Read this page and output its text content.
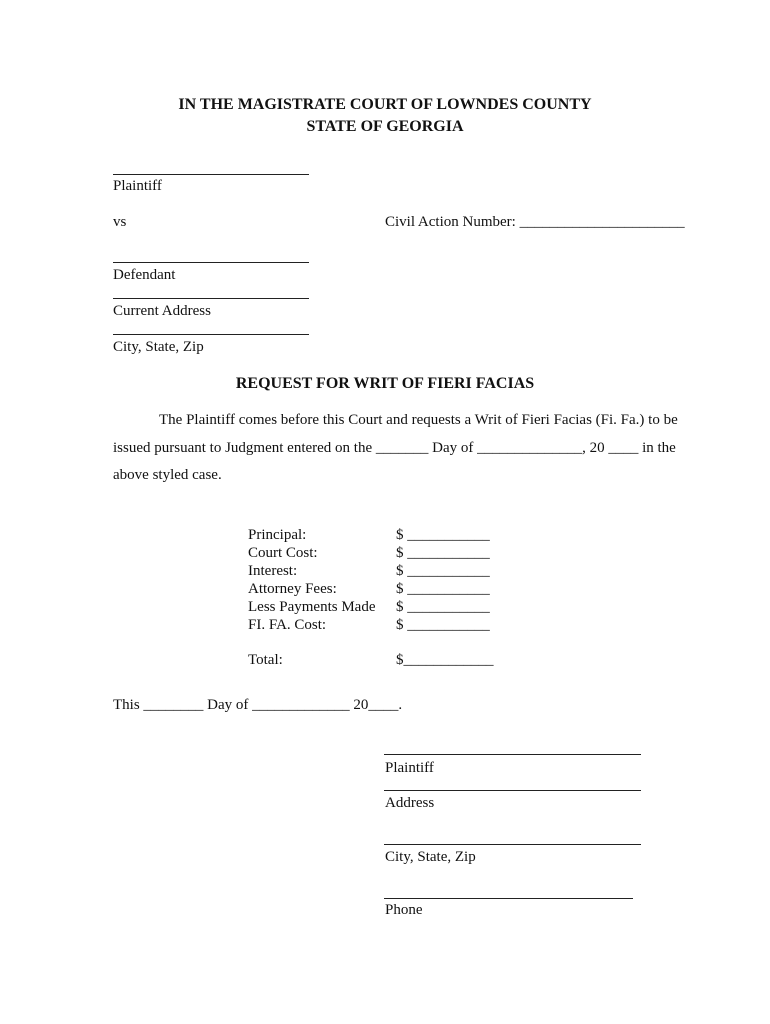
IN THE MAGISTRATE COURT OF LOWNDES COUNTY
STATE OF GEORGIA
Plaintiff
vs	Civil Action Number: ______________________
Defendant
Current Address
City, State, Zip
REQUEST FOR WRIT OF FIERI FACIAS
The Plaintiff comes before this Court and requests a Writ of Fieri Facias (Fi. Fa.) to be
issued pursuant to Judgment entered on the _______ Day of ______________, 20 ____ in the
above styled case.
Principal:
Court Cost:
Interest:
Attorney Fees:
Less Payments Made
FI. FA. Cost:
$ ___________
$ ___________
$ ___________
$ ___________
$ ___________
$ ___________
Total:	$____________
This ________ Day of _____________ 20____.
Plaintiff
Address
City, State, Zip
Phone
